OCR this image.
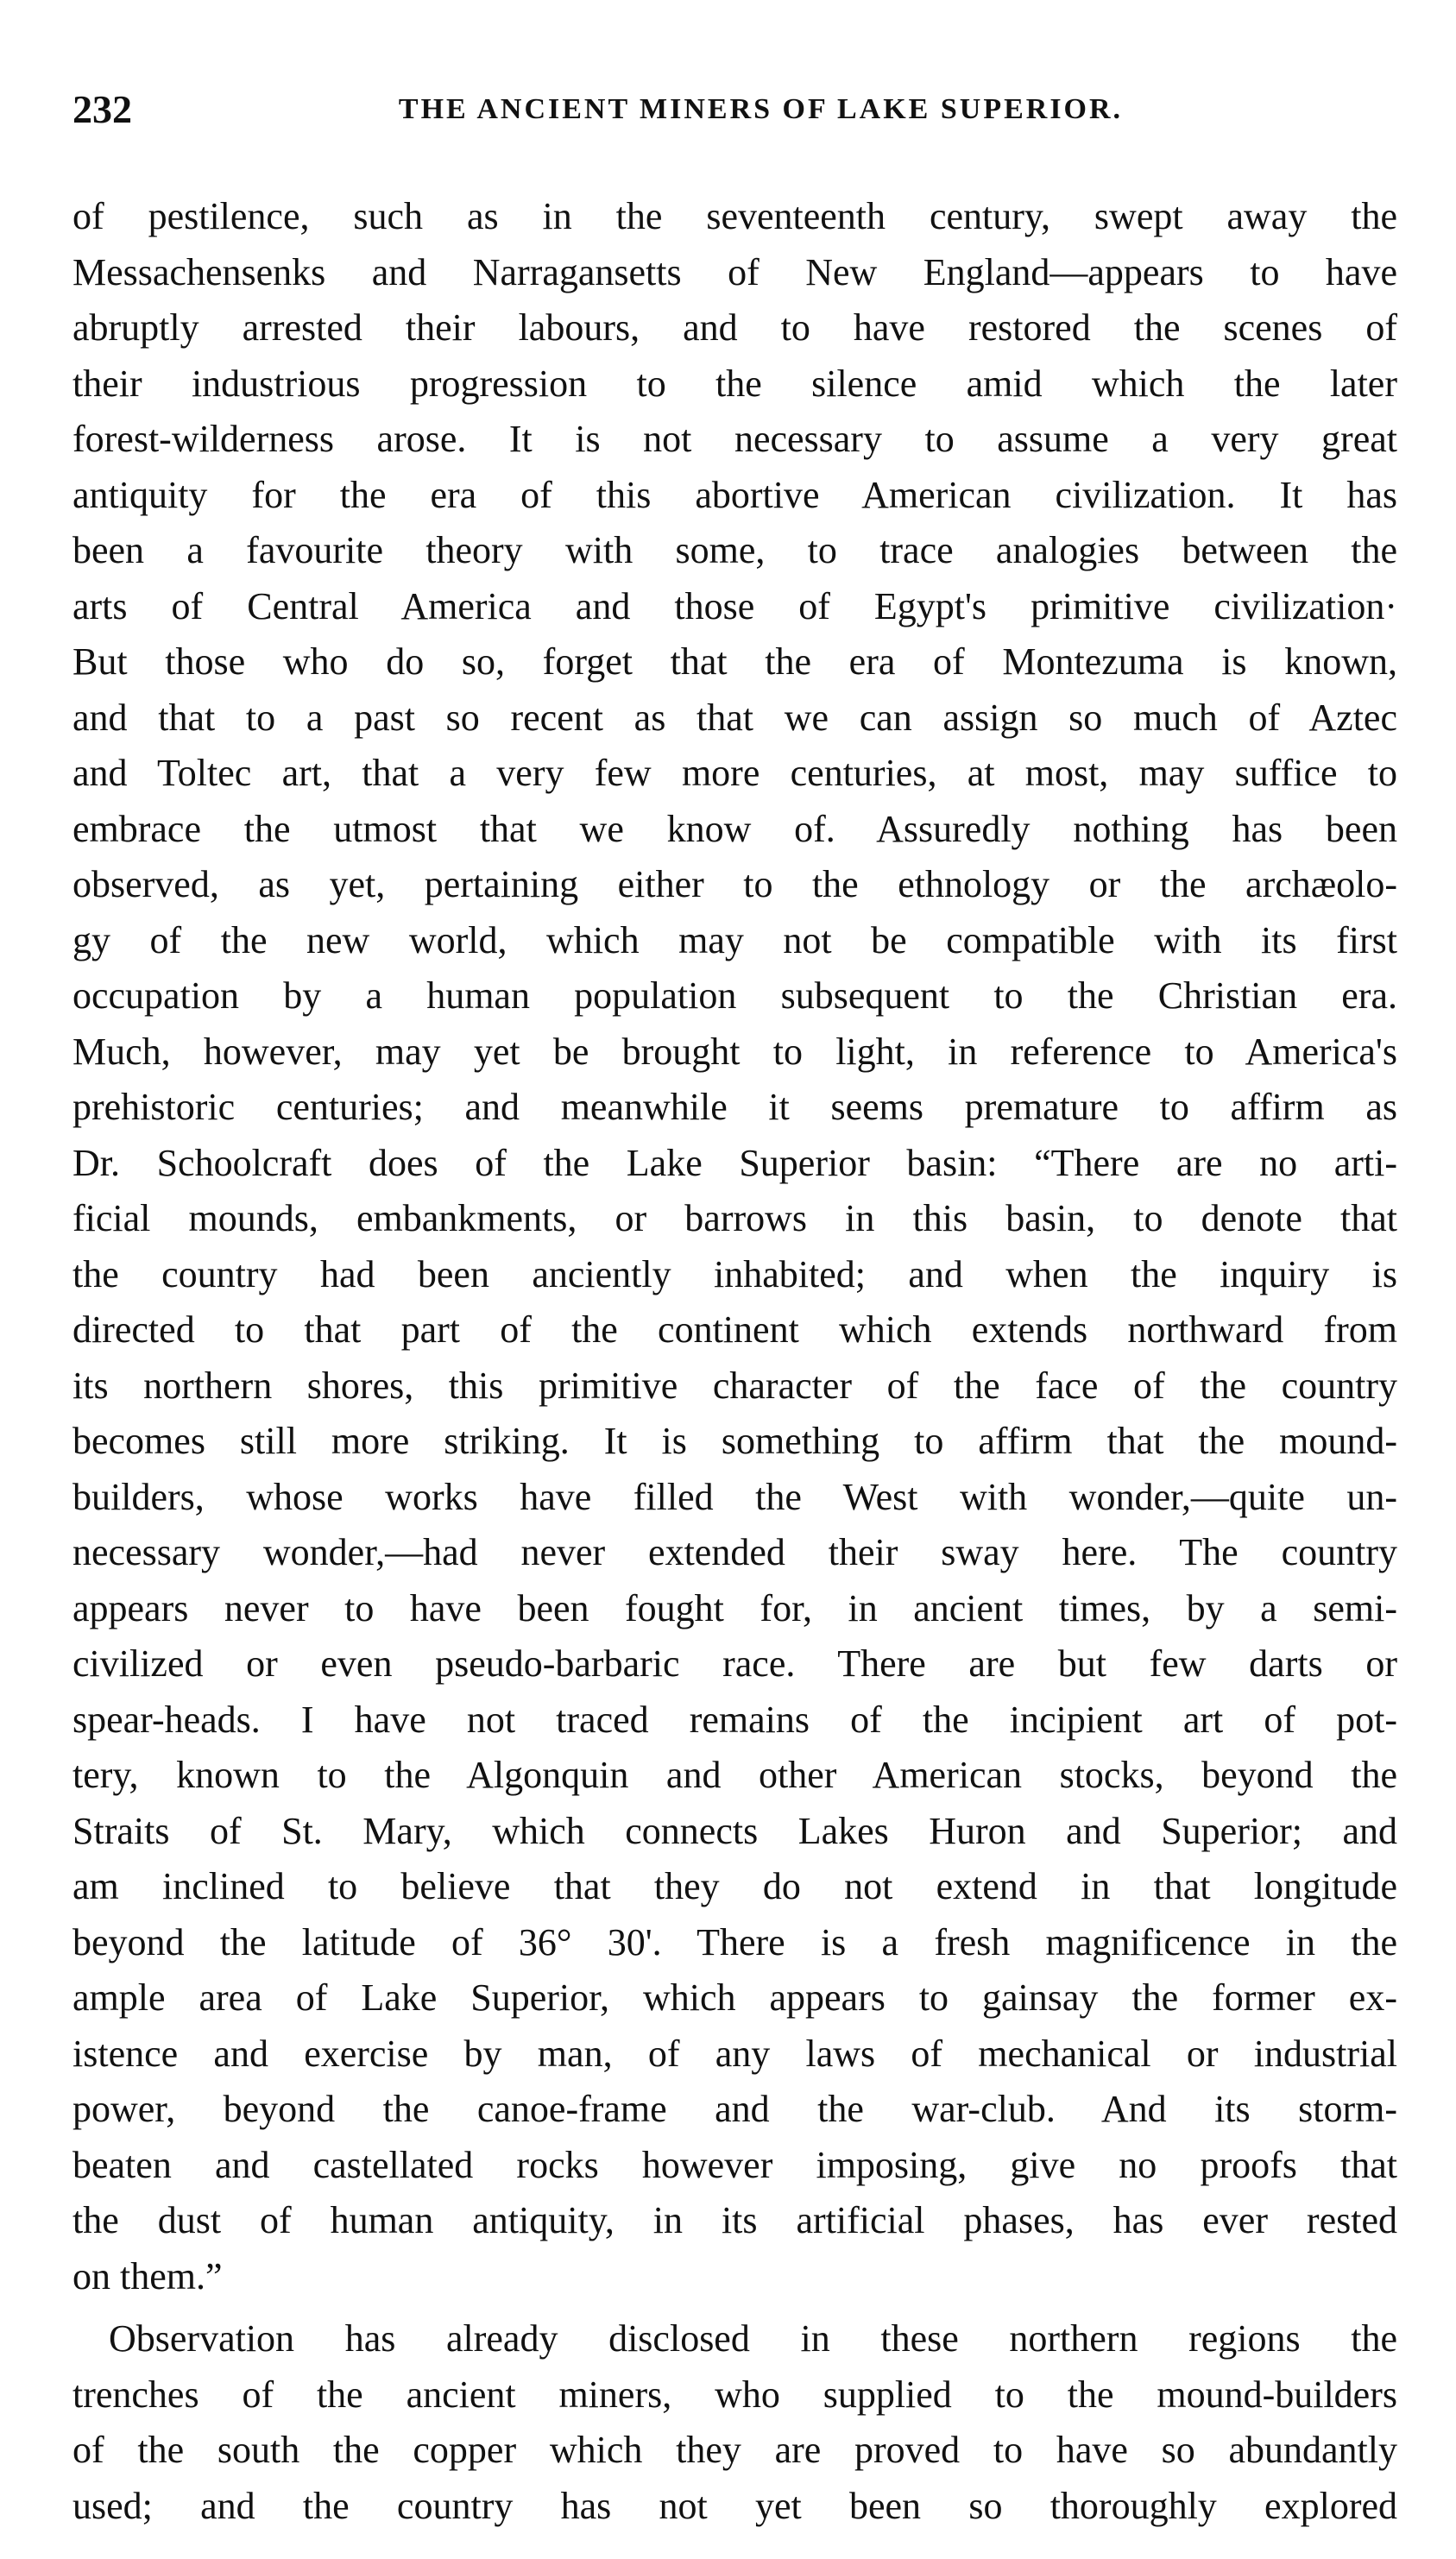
232	THE ANCIENT MINERS OF LAKE SUPERIOR.
of pestilence, such as in the seventeenth century, swept away the
Messachensenks and Narragansetts of New England—appears to have
abruptly arrested their labours, and to have restored the scenes of
their industrious progression to the silence amid which the later
forest-wilderness arose. It is not necessary to assume a very great
antiquity for the era of this abortive American civilization. It has
been a favourite theory with some, to trace analogies between the
arts of Central America and those of Egypt's primitive civilization·
But those who do so, forget that the era of Montezuma is known,
and that to a past so recent as that we can assign so much of Aztec
and Toltec art, that a very few more centuries, at most, may suffice to
embrace the utmost that we know of. Assuredly nothing has been
observed, as yet, pertaining either to the ethnology or the archæolo-
gy of the new world, which may not be compatible with its first
occupation by a human population subsequent to the Christian era.
Much, however, may yet be brought to light, in reference to America's
prehistoric centuries; and meanwhile it seems premature to affirm as
Dr. Schoolcraft does of the Lake Superior basin: “There are no arti-
ficial mounds, embankments, or barrows in this basin, to denote that
the country had been anciently inhabited; and when the inquiry is
directed to that part of the continent which extends northward from
its northern shores, this primitive character of the face of the country
becomes still more striking. It is something to affirm that the mound-
builders, whose works have filled the West with wonder,—quite un-
necessary wonder,—had never extended their sway here. The country
appears never to have been fought for, in ancient times, by a semi-
civilized or even pseudo-barbaric race. There are but few darts or
spear-heads. I have not traced remains of the incipient art of pot-
tery, known to the Algonquin and other American stocks, beyond the
Straits of St. Mary, which connects Lakes Huron and Superior; and
am inclined to believe that they do not extend in that longitude
beyond the latitude of 36° 30'. There is a fresh magnificence in the
ample area of Lake Superior, which appears to gainsay the former ex-
istence and exercise by man, of any laws of mechanical or industrial
power, beyond the canoe-frame and the war-club. And its storm-
beaten and castellated rocks however imposing, give no proofs that
the dust of human antiquity, in its artificial phases, has ever rested
on them.”
Observation has already disclosed in these northern regions the
trenches of the ancient miners, who supplied to the mound-builders
of the south the copper which they are proved to have so abundantly
used; and the country has not yet been so thoroughly explored
